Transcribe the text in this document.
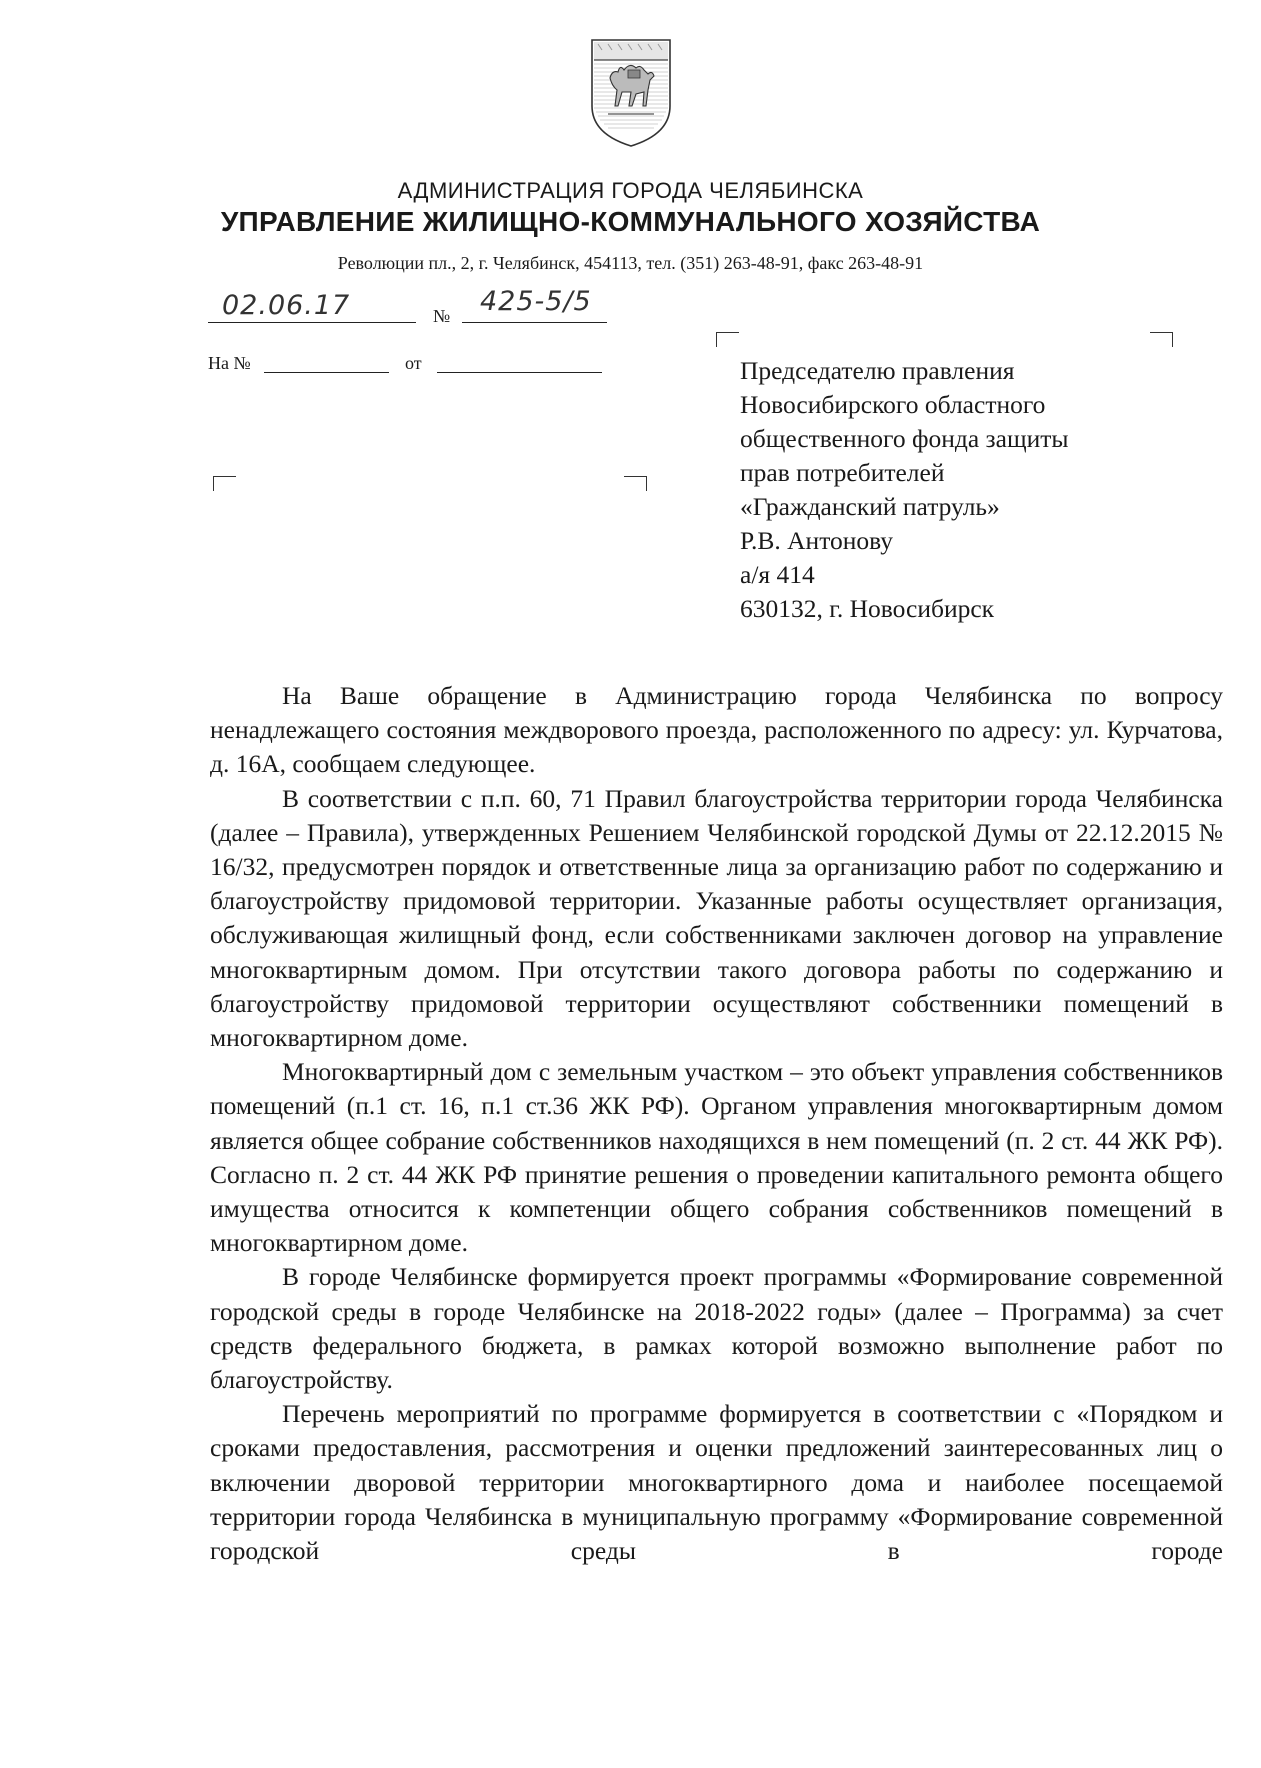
АДМИНИСТРАЦИЯ ГОРОДА ЧЕЛЯБИНСКА
УПРАВЛЕНИЕ ЖИЛИЩНО-КОММУНАЛЬНОГО ХОЗЯЙСТВА
Революции пл., 2, г. Челябинск, 454113, тел. (351) 263-48-91, факс 263-48-91
02.06.17	№ 425-5/5
На №	от	Председателю правления
Новосибирского областного
общественного фонда защиты
прав потребителей
«Гражданский патруль»
Р.В. Антонову
а/я 414
630132, г. Новосибирск

На Ваше обращение в Администрацию города Челябинска по вопросу ненадлежащего состояния междворового проезда, расположенного по адресу: ул. Курчатова, д. 16А, сообщаем следующее.

В соответствии с п.п. 60, 71 Правил благоустройства территории города Челябинска (далее – Правила), утвержденных Решением Челябинской городской Думы от 22.12.2015 № 16/32, предусмотрен порядок и ответственные лица за организацию работ по содержанию и благоустройству придомовой территории. Указанные работы осуществляет организация, обслуживающая жилищный фонд, если собственниками заключен договор на управление многоквартирным домом. При отсутствии такого договора работы по содержанию и благоустройству придомовой территории осуществляют собственники помещений в многоквартирном доме.

Многоквартирный дом с земельным участком – это объект управления собственников помещений (п.1 ст. 16, п.1 ст.36 ЖК РФ). Органом управления многоквартирным домом является общее собрание собственников находящихся в нем помещений (п. 2 ст. 44 ЖК РФ). Согласно п. 2 ст. 44 ЖК РФ принятие решения о проведении капитального ремонта общего имущества относится к компетенции общего собрания собственников помещений в многоквартирном доме.

В городе Челябинске формируется проект программы «Формирование современной городской среды в городе Челябинске на 2018-2022 годы» (далее – Программа) за счет средств федерального бюджета, в рамках которой возможно выполнение работ по благоустройству.

Перечень мероприятий по программе формируется в соответствии с «Порядком и сроками предоставления, рассмотрения и оценки предложений заинтересованных лиц о включении дворовой территории многоквартирного дома и наиболее посещаемой территории города Челябинска в муниципальную программу «Формирование современной городской среды в городе
